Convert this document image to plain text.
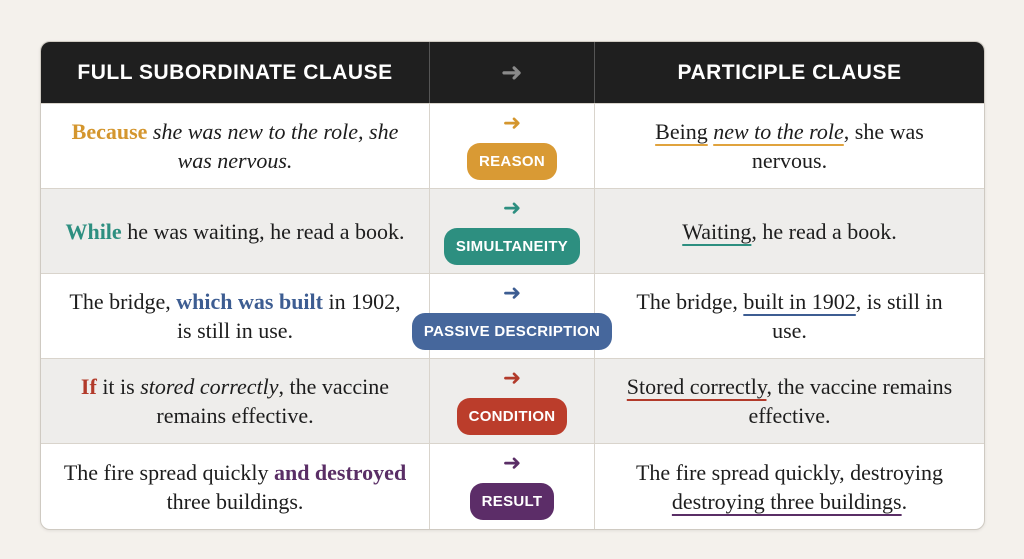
FULL SUBORDINATE CLAUSE	➜	PARTICIPLE CLAUSE
Because she was new to the role, she was nervous.
➜
REASON
Being new to the role, she was nervous.
While he was waiting, he read a book.
➜
SIMULTANEITY
Waiting, he read a book.
The bridge, which was built in 1902, is still in use.
➜
PASSIVE DESCRIPTION
The bridge, built in 1902, is still in use.
If it is stored correctly, the vaccine remains effective.
➜
CONDITION
Stored correctly, the vaccine remains effective.
The fire spread quickly and destroyed three buildings.
➜
RESULT
The fire spread quickly, destroying destroying three buildings.
